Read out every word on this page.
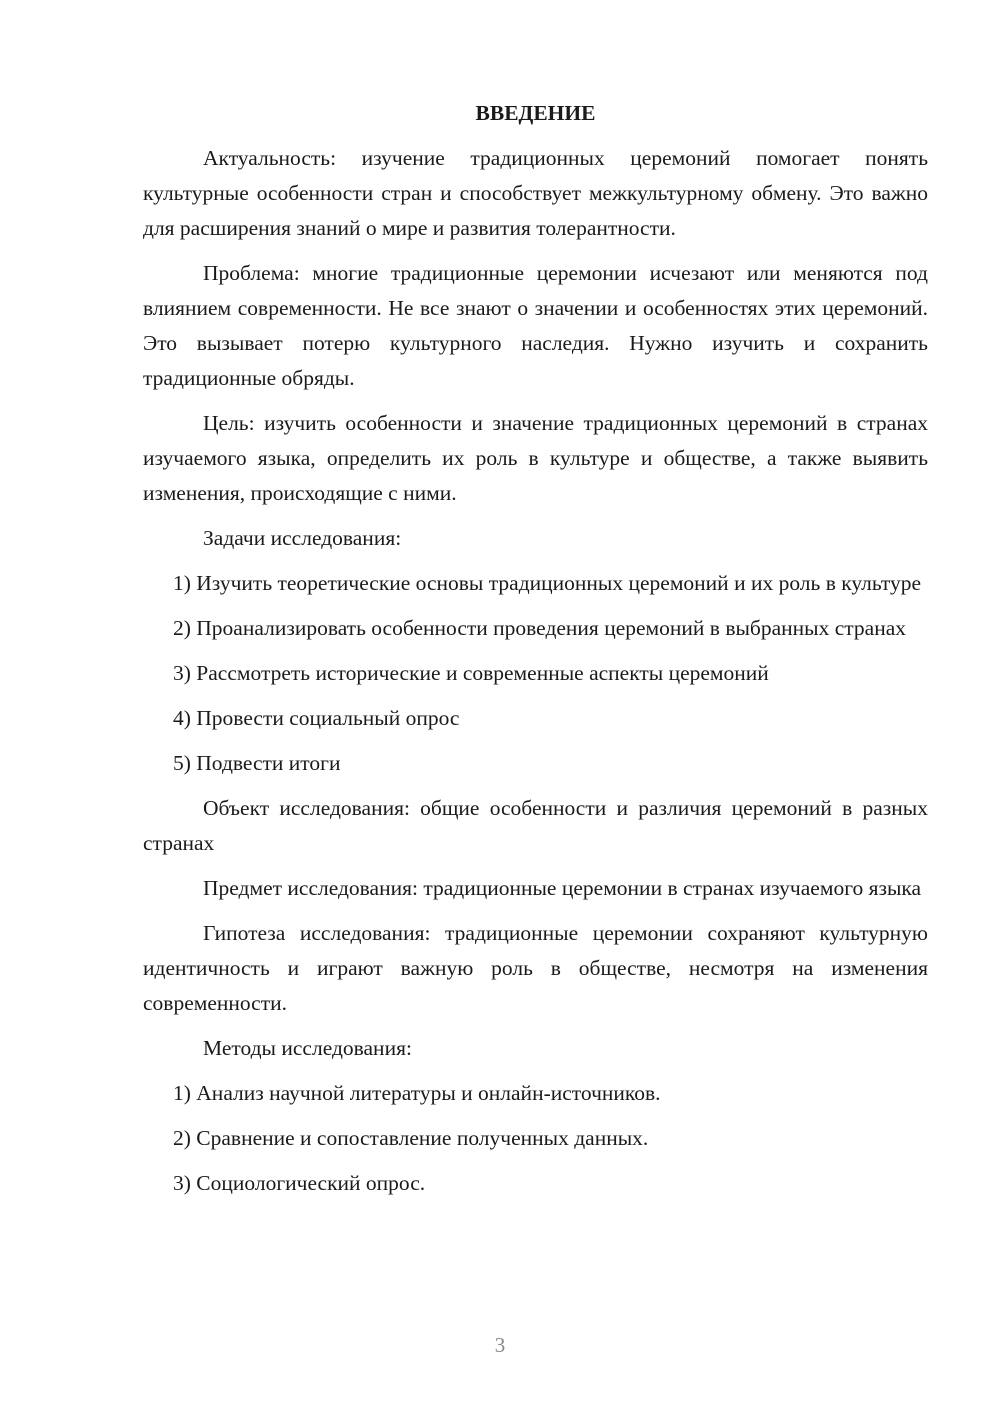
ВВЕДЕНИЕ
Актуальность: изучение традиционных церемоний помогает понять культурные особенности стран и способствует межкультурному обмену. Это важно для расширения знаний о мире и развития толерантности.
Проблема: многие традиционные церемонии исчезают или меняются под влиянием современности. Не все знают о значении и особенностях этих церемоний. Это вызывает потерю культурного наследия. Нужно изучить и сохранить традиционные обряды.
Цель: изучить особенности и значение традиционных церемоний в странах изучаемого языка, определить их роль в культуре и обществе, а также выявить изменения, происходящие с ними.
Задачи исследования:
1) Изучить теоретические основы традиционных церемоний и их роль в культуре
2) Проанализировать особенности проведения церемоний в выбранных странах
3) Рассмотреть исторические и современные аспекты церемоний
4) Провести социальный опрос
5) Подвести итоги
Объект исследования: общие особенности и различия церемоний в разных странах
Предмет исследования: традиционные церемонии в странах изучаемого языка
Гипотеза исследования: традиционные церемонии сохраняют культурную идентичность и играют важную роль в обществе, несмотря на изменения современности.
Методы исследования:
1) Анализ научной литературы и онлайн-источников.
2) Сравнение и сопоставление полученных данных.
3) Социологический опрос.
3
